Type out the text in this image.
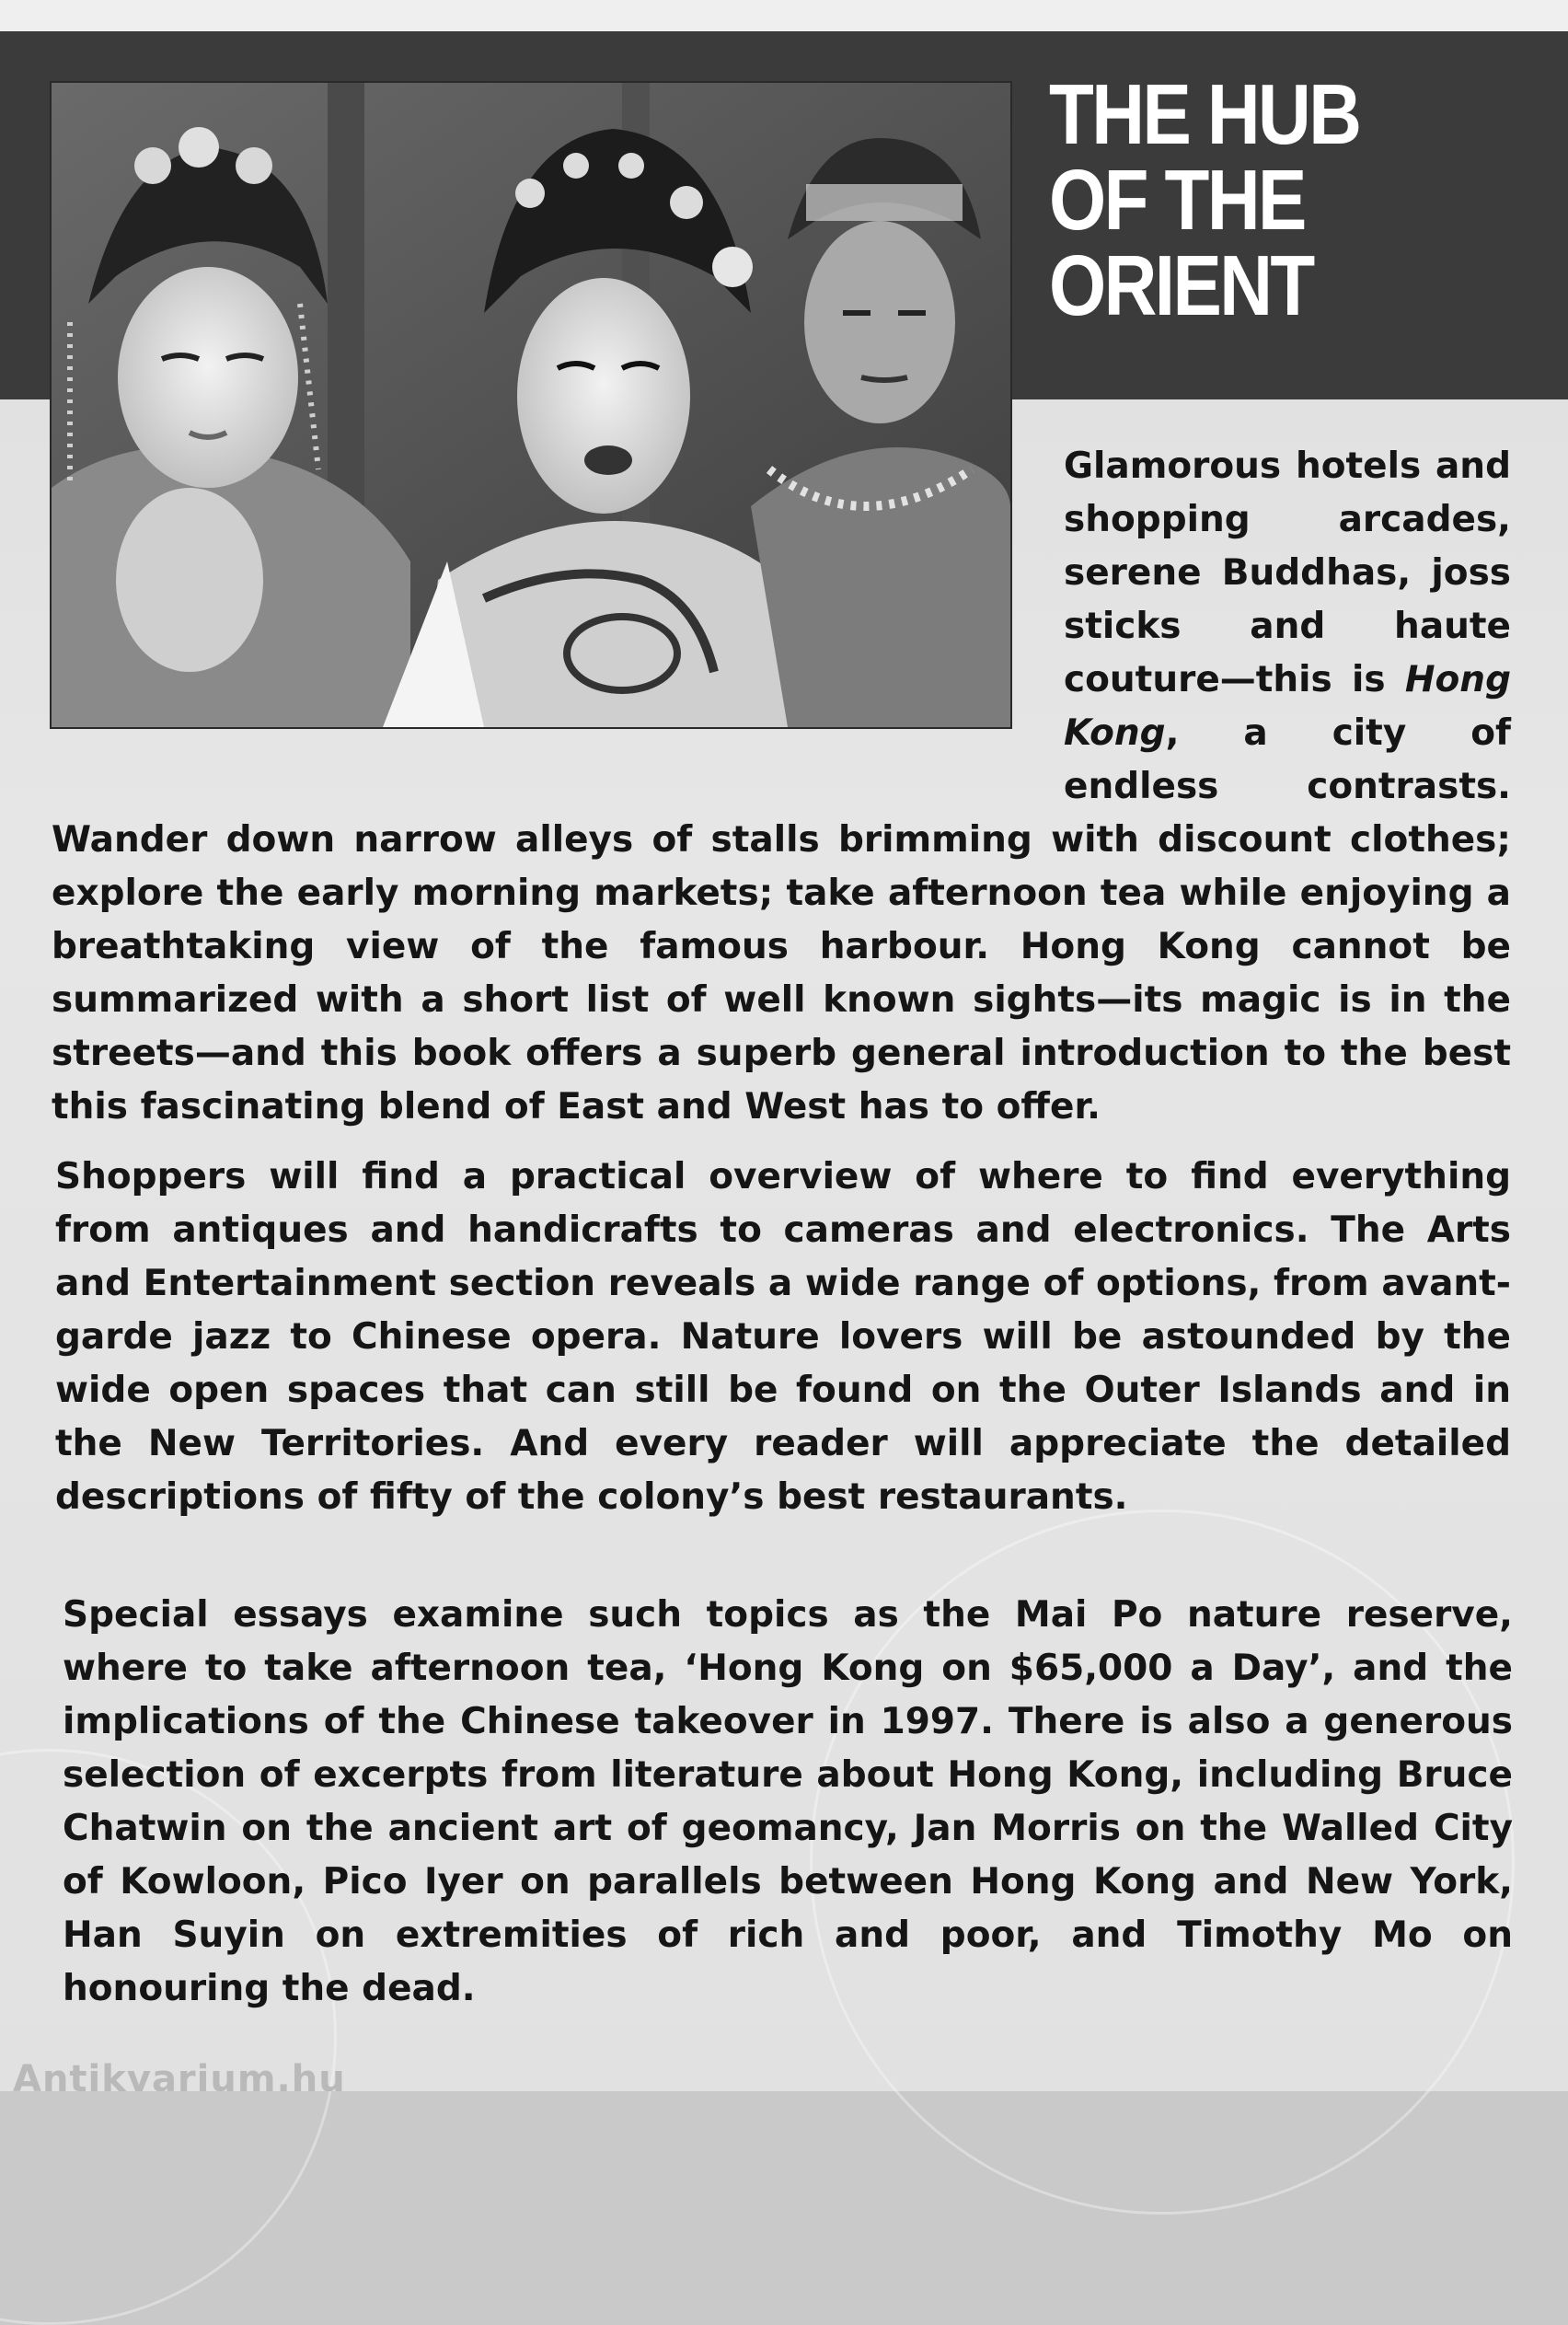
THE HUB
OF THE
ORIENT

Glamorous hotels and shopping arcades, serene Buddhas, joss sticks and haute couture—this is Hong Kong, a city of endless contrasts. Wander down narrow alleys of stalls brimming with discount clothes; explore the early morning markets; take afternoon tea while enjoying a breathtaking view of the famous harbour. Hong Kong cannot be summarized with a short list of well known sights—its magic is in the streets—and this book offers a superb general introduction to the best this fascinating blend of East and West has to offer.

Shoppers will find a practical overview of where to find everything from antiques and handicrafts to cameras and electronics. The Arts and Entertainment section reveals a wide range of options, from avant-garde jazz to Chinese opera. Nature lovers will be astounded by the wide open spaces that can still be found on the Outer Islands and in the New Territories. And every reader will appreciate the detailed descriptions of fifty of the colony’s best restaurants.

Special essays examine such topics as the Mai Po nature reserve, where to take afternoon tea, ‘Hong Kong on $65,000 a Day’, and the implications of the Chinese takeover in 1997. There is also a generous selection of excerpts from literature about Hong Kong, including Bruce Chatwin on the ancient art of geomancy, Jan Morris on the Walled City of Kowloon, Pico Iyer on parallels between Hong Kong and New York, Han Suyin on extremities of rich and poor, and Timothy Mo on honouring the dead.

Antikvarium.hu
